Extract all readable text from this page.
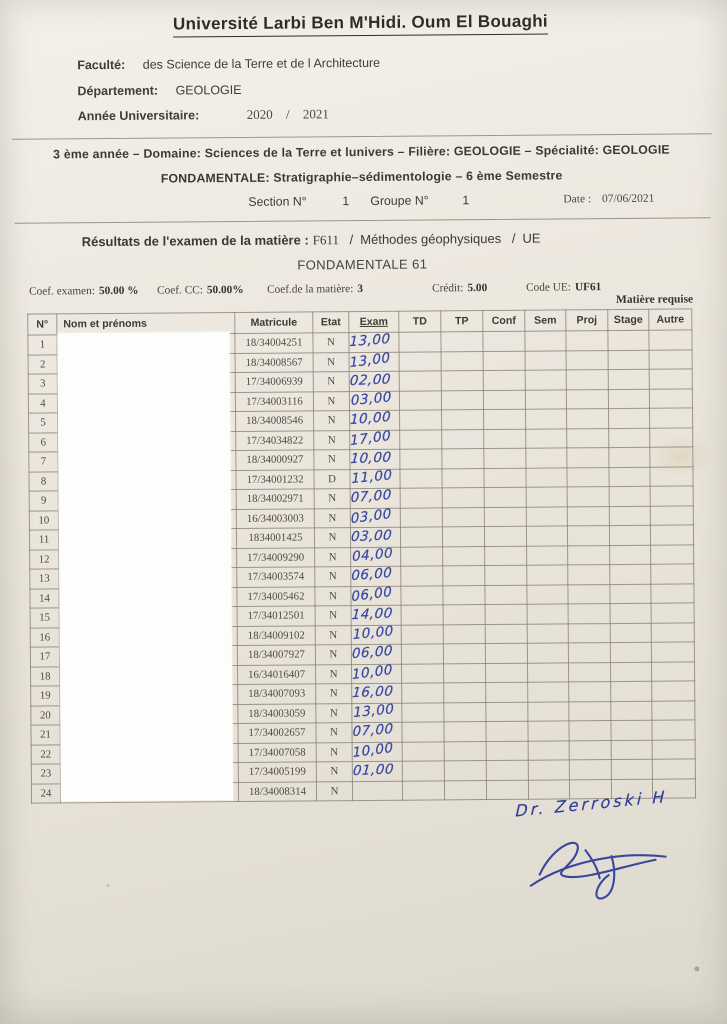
Université Larbi Ben M'Hidi. Oum El Bouaghi
Faculté: des Science de la Terre et de l Architecture
Département: GEOLOGIE
Année Universitaire:	2020 / 2021
3 ème année – Domaine: Sciences de la Terre et lunivers – Filière: GEOLOGIE – Spécialité: GEOLOGIE
FONDAMENTALE: Stratigraphie–sédimentologie – 6 ème Semestre
Section N°	1 Groupe N°	1	Date : 07/06/2021
Résultats de l'examen de la matière : F611 / Méthodes géophysiques / UE
FONDAMENTALE 61
Coef. examen: 50.00 % Coef. CC: 50.00% Coef.de la matière: 3	Crédit: 5.00	Code UE: UF61
Matière requise
N°	Nom et prénoms	Matricule	Etat	Exam	TD	TP	Conf	Sem	Proj	Stage	Autre
1		18/34004251	N	13,00							
2		18/34008567	N	13,00							
3		17/34006939	N	02,00							
4		17/34003116	N	03,00							
5		18/34008546	N	10,00							
6		17/34034822	N	17,00							
7		18/34000927	N	10,00							
8		17/34001232	D	11,00							
9		18/34002971	N	07,00							
10		16/34003003	N	03,00							
11		1834001425	N	03,00							
12		17/34009290	N	04,00							
13		17/34003574	N	06,00							
14		17/34005462	N	06,00							
15		17/34012501	N	14,00							
16		18/34009102	N	10,00							
17		18/34007927	N	06,00							
18		16/34016407	N	10,00							
19		18/34007093	N	16,00							
20		18/34003059	N	13,00							
21		17/34002657	N	07,00							
22		17/34007058	N	10,00							
23		17/34005199	N	01,00							
24		18/34008314	N									Dr. Zerroski H
